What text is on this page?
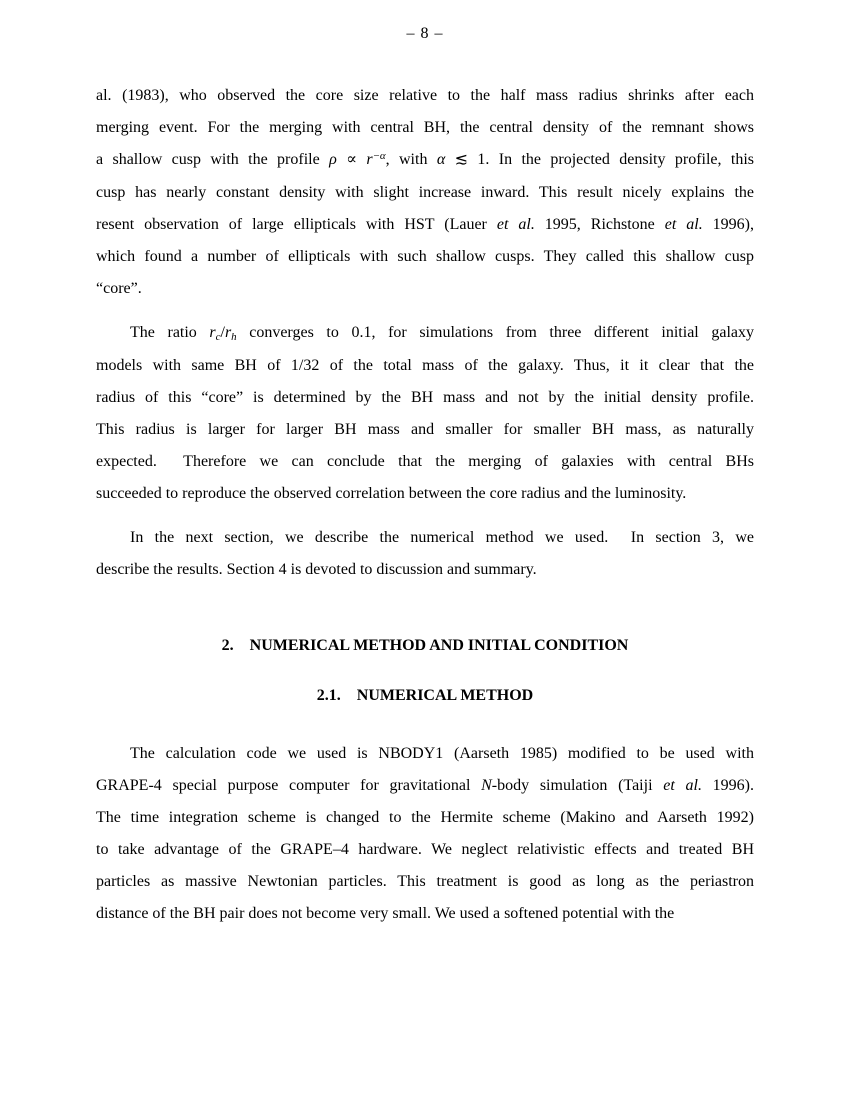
– 8 –
al. (1983), who observed the core size relative to the half mass radius shrinks after each
merging event. For the merging with central BH, the central density of the remnant shows
a shallow cusp with the profile $\rho \propto r^{-\alpha}$, with α ≲ 1. In the projected density profile, this
cusp has nearly constant density with slight increase inward. This result nicely explains the
resent observation of large ellipticals with HST (Lauer et al. 1995, Richstone et al. 1996),
which found a number of ellipticals with such shallow cusps. They called this shallow cusp
“core”.
The ratio rc/rh converges to 0.1, for simulations from three different initial galaxy
models with same BH of 1/32 of the total mass of the galaxy. Thus, it it clear that the
radius of this “core” is determined by the BH mass and not by the initial density profile.
This radius is larger for larger BH mass and smaller for smaller BH mass, as naturally
expected.  Therefore we can conclude that the merging of galaxies with central BHs
succeeded to reproduce the observed correlation between the core radius and the luminosity.
In the next section, we describe the numerical method we used.  In section 3, we
describe the results. Section 4 is devoted to discussion and summary.
2. NUMERICAL METHOD AND INITIAL CONDITION
2.1. NUMERICAL METHOD
The calculation code we used is NBODY1 (Aarseth 1985) modified to be used with
GRAPE-4 special purpose computer for gravitational N-body simulation (Taiji et al. 1996).
The time integration scheme is changed to the Hermite scheme (Makino and Aarseth 1992)
to take advantage of the GRAPE–4 hardware. We neglect relativistic effects and treated BH
particles as massive Newtonian particles. This treatment is good as long as the periastron
distance of the BH pair does not become very small. We used a softened potential with the
